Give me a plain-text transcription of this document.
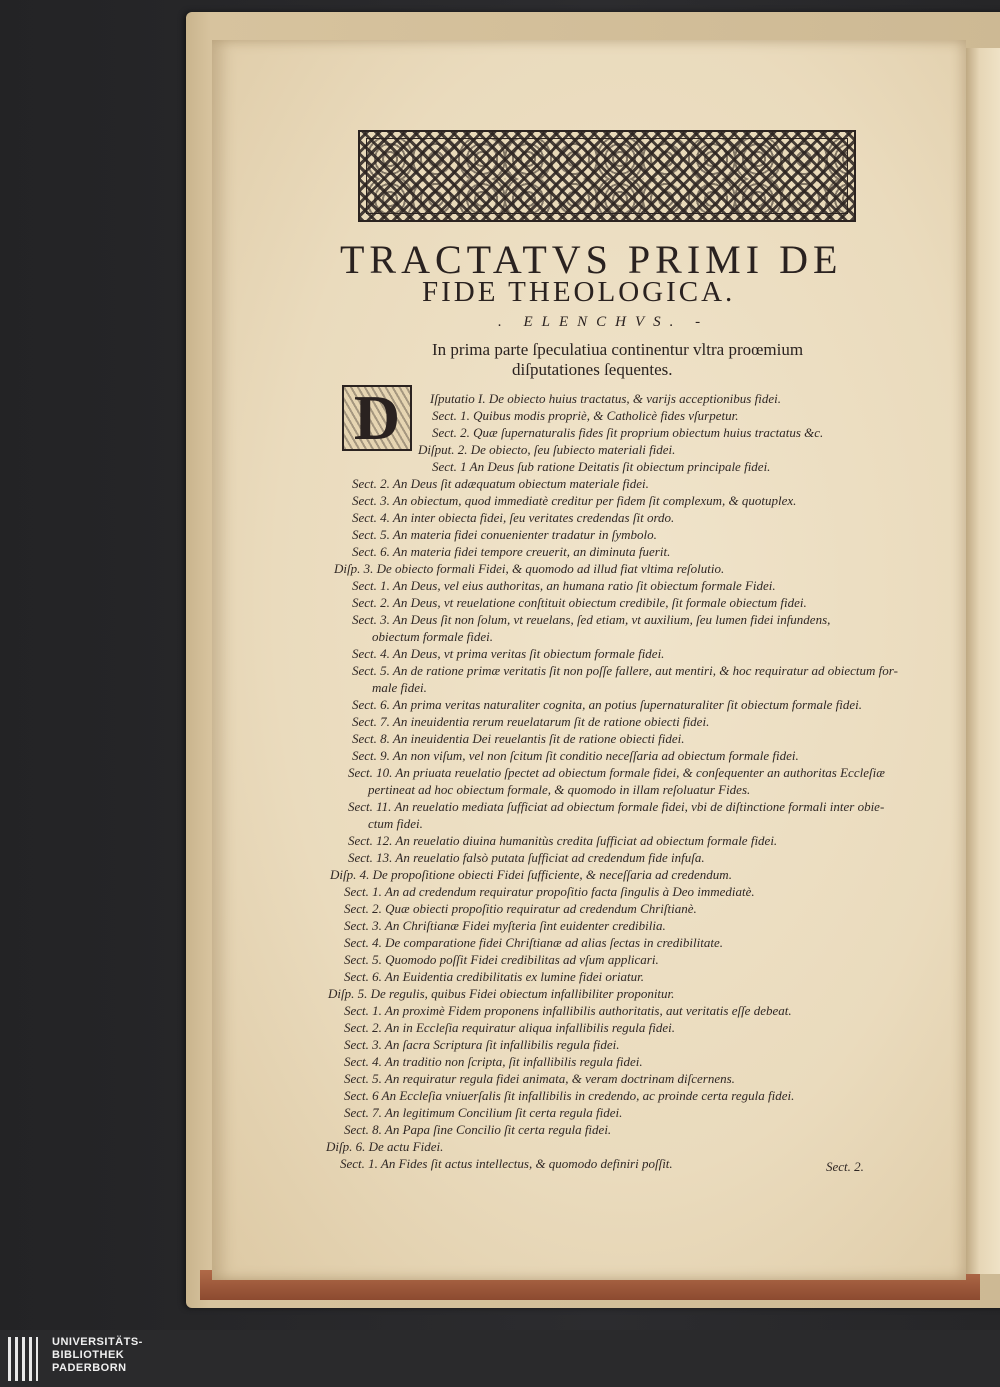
TRACTATVS PRIMI DE
FIDE THEOLOGICA.
. ELENCHVS. -
In prima parte ſpeculatiua continentur vltra proœmium
diſputationes ſequentes.
D	Iſputatio I. De obiecto huius tractatus, & varijs acceptionibus fidei.
Sect. 1. Quibus modis propriè, & Catholicè fides vſurpetur.
Sect. 2. Quæ ſupernaturalis fides ſit proprium obiectum huius tractatus &c.
Diſput. 2. De obiecto, ſeu ſubiecto materiali fidei.
Sect. 1 An Deus ſub ratione Deitatis ſit obiectum principale fidei.
Sect. 2. An Deus ſit adæquatum obiectum materiale fidei.
Sect. 3. An obiectum, quod immediatè creditur per fidem ſit complexum, & quotuplex.
Sect. 4. An inter obiecta fidei, ſeu veritates credendas ſit ordo.
Sect. 5. An materia fidei conuenienter tradatur in ſymbolo.
Sect. 6. An materia fidei tempore creuerit, an diminuta fuerit.
Diſp. 3. De obiecto formali Fidei, & quomodo ad illud fiat vltima reſolutio.
Sect. 1. An Deus, vel eius authoritas, an humana ratio ſit obiectum formale Fidei.
Sect. 2. An Deus, vt reuelatione conſtituit obiectum credibile, ſit formale obiectum fidei.
Sect. 3. An Deus ſit non ſolum, vt reuelans, ſed etiam, vt auxilium, ſeu lumen fidei infundens,
obiectum formale fidei.
Sect. 4. An Deus, vt prima veritas ſit obiectum formale fidei.
Sect. 5. An de ratione primæ veritatis ſit non poſſe fallere, aut mentiri, & hoc requiratur ad obiectum for-
male fidei.
Sect. 6. An prima veritas naturaliter cognita, an potius ſupernaturaliter ſit obiectum formale fidei.
Sect. 7. An ineuidentia rerum reuelatarum ſit de ratione obiecti fidei.
Sect. 8. An ineuidentia Dei reuelantis ſit de ratione obiecti fidei.
Sect. 9. An non viſum, vel non ſcitum ſit conditio neceſſaria ad obiectum formale fidei.
Sect. 10. An priuata reuelatio ſpectet ad obiectum formale fidei, & conſequenter an authoritas Eccleſiæ
pertineat ad hoc obiectum formale, & quomodo in illam reſoluatur Fides.
Sect. 11. An reuelatio mediata ſufficiat ad obiectum formale fidei, vbi de diſtinctione formali inter obie-
ctum fidei.
Sect. 12. An reuelatio diuina humanitùs credita ſufficiat ad obiectum formale fidei.
Sect. 13. An reuelatio falsò putata ſufficiat ad credendum fide infuſa.
Diſp. 4. De propoſitione obiecti Fidei ſufficiente, & neceſſaria ad credendum.
Sect. 1. An ad credendum requiratur propoſitio facta ſingulis à Deo immediatè.
Sect. 2. Quæ obiecti propoſitio requiratur ad credendum Chriſtianè.
Sect. 3. An Chriſtianæ Fidei myſteria ſint euidenter credibilia.
Sect. 4. De comparatione fidei Chriſtianæ ad alias ſectas in credibilitate.
Sect. 5. Quomodo poſſit Fidei credibilitas ad vſum applicari.
Sect. 6. An Euidentia credibilitatis ex lumine fidei oriatur.
Diſp. 5. De regulis, quibus Fidei obiectum infallibiliter proponitur.
Sect. 1. An proximè Fidem proponens infallibilis authoritatis, aut veritatis eſſe debeat.
Sect. 2. An in Eccleſia requiratur aliqua infallibilis regula fidei.
Sect. 3. An ſacra Scriptura ſit infallibilis regula fidei.
Sect. 4. An traditio non ſcripta, ſit infallibilis regula fidei.
Sect. 5. An requiratur regula fidei animata, & veram doctrinam diſcernens.
Sect. 6 An Eccleſia vniuerſalis ſit infallibilis in credendo, ac proinde certa regula fidei.
Sect. 7. An legitimum Concilium ſit certa regula fidei.
Sect. 8. An Papa ſine Concilio ſit certa regula fidei.
Diſp. 6. De actu Fidei.
Sect. 1. An Fides ſit actus intellectus, & quomodo definiri poſſit.	Sect. 2.
UNIVERSITÄTS-
BIBLIOTHEK
PADERBORN
